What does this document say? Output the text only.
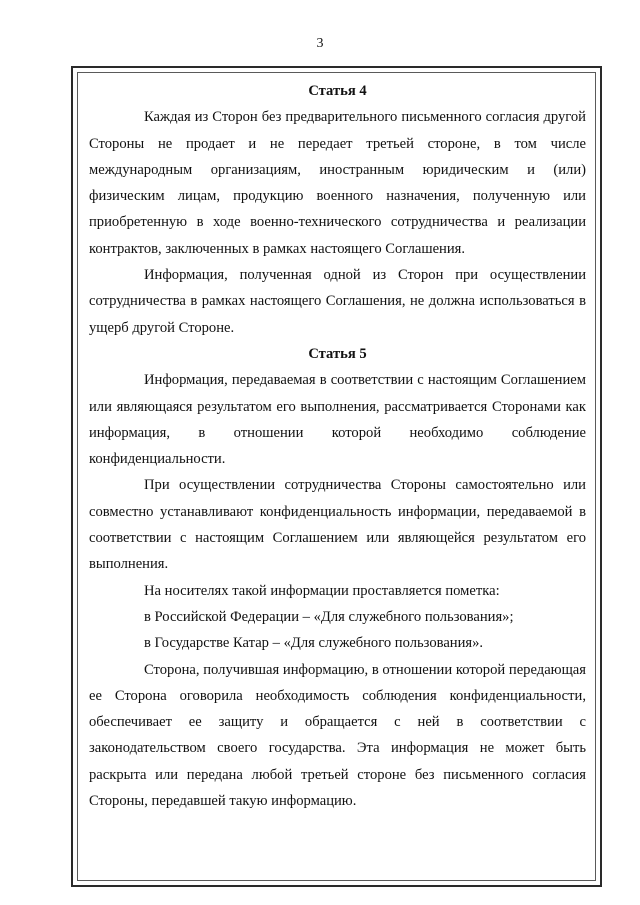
3

Статья 4

Каждая из Сторон без предварительного письменного согласия другой Стороны не продает и не передает третьей стороне, в том числе международным организациям, иностранным юридическим и (или) физическим лицам, продукцию военного назначения, полученную или приобретенную в ходе военно-технического сотрудничества и реализации контрактов, заключенных в рамках настоящего Соглашения.

Информация, полученная одной из Сторон при осуществлении сотрудничества в рамках настоящего Соглашения, не должна использоваться в ущерб другой Стороне.

Статья 5

Информация, передаваемая в соответствии с настоящим Соглашением или являющаяся результатом его выполнения, рассматривается Сторонами как информация, в отношении которой необходимо соблюдение конфиденциальности.

При осуществлении сотрудничества Стороны самостоятельно или совместно устанавливают конфиденциальность информации, передаваемой в соответствии с настоящим Соглашением или являющейся результатом его выполнения.

На носителях такой информации проставляется пометка:

в Российской Федерации – «Для служебного пользования»;

в Государстве Катар – «Для служебного пользования».

Сторона, получившая информацию, в отношении которой передающая ее Сторона оговорила необходимость соблюдения конфиденциальности, обеспечивает ее защиту и обращается с ней в соответствии с законодательством своего государства. Эта информация не может быть раскрыта или передана любой третьей стороне без письменного согласия Стороны, передавшей такую информацию.
